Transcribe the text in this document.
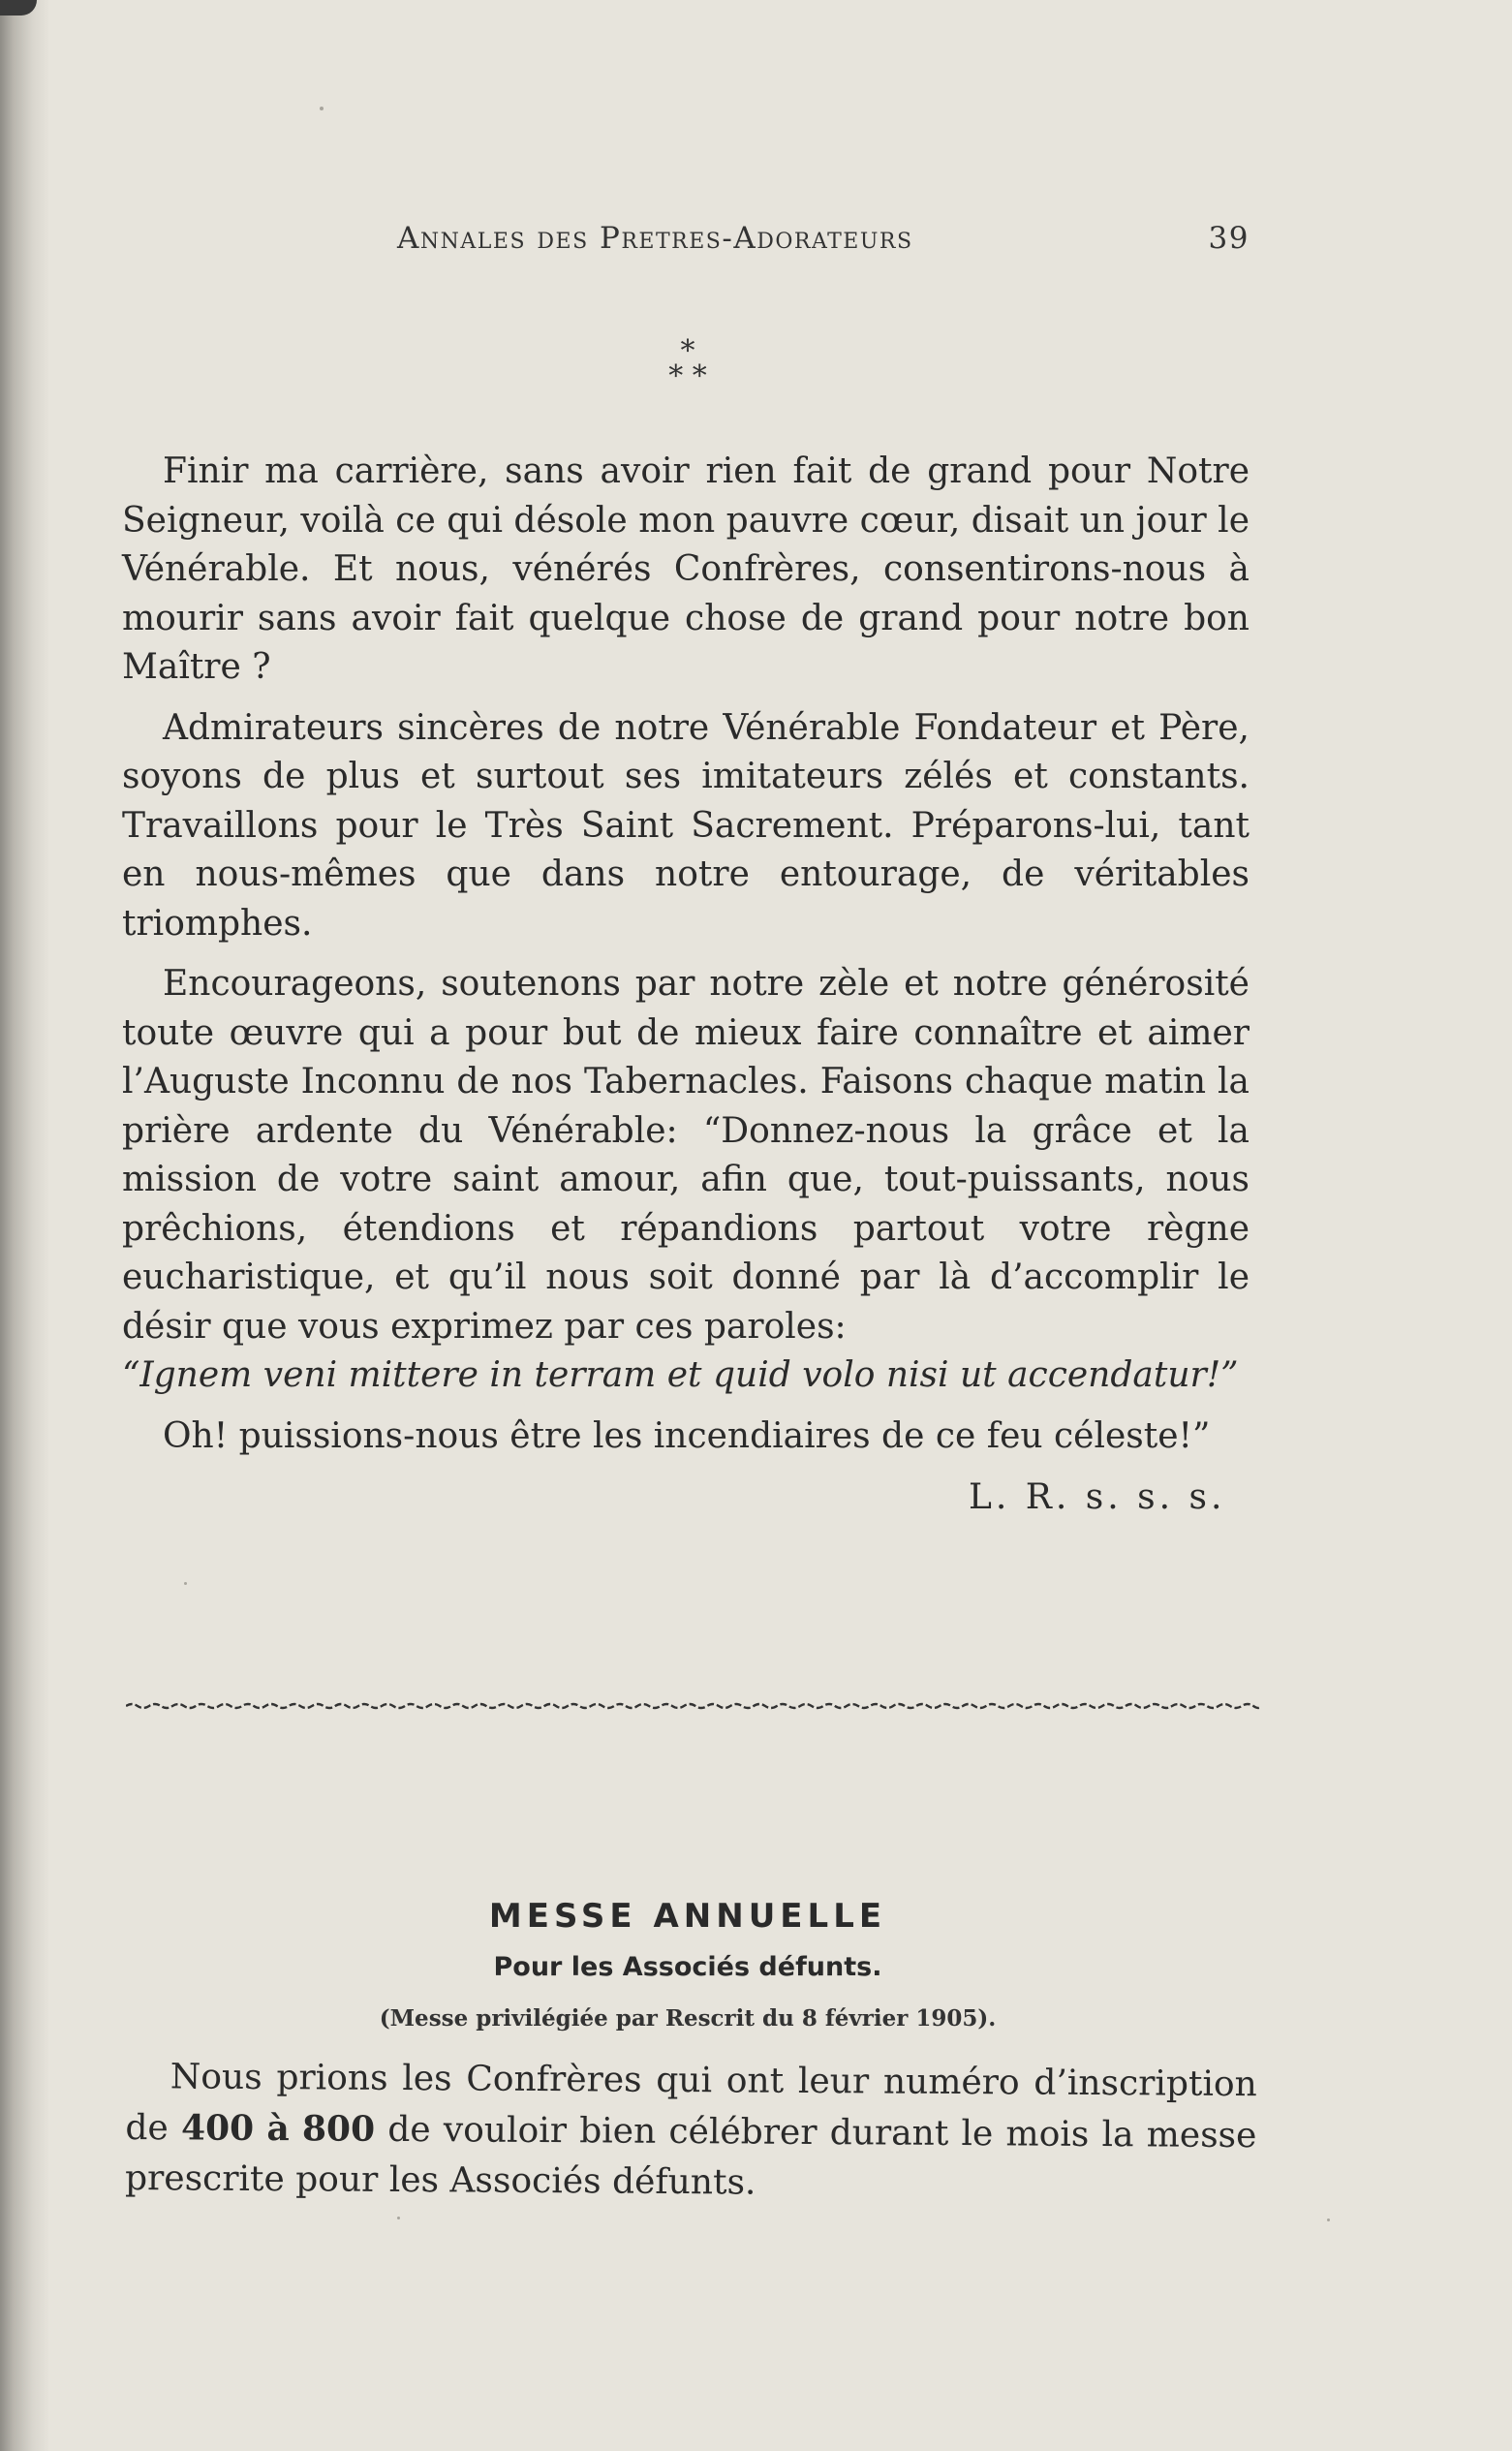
Annales des Pretres-Adorateurs	39
*
* *

Finir ma carrière, sans avoir rien fait de grand pour Notre Seigneur, voilà ce qui désole mon pauvre cœur, disait un jour le Vénérable. Et nous, vénérés Confrères, consentirons-nous à mourir sans avoir fait quelque chose de grand pour notre bon Maître ?

Admirateurs sincères de notre Vénérable Fondateur et Père, soyons de plus et surtout ses imitateurs zélés et constants. Travaillons pour le Très Saint Sacrement. Préparons-lui, tant en nous-mêmes que dans notre entourage, de véritables triomphes.

Encourageons, soutenons par notre zèle et notre générosité toute œuvre qui a pour but de mieux faire connaître et aimer l’Auguste Inconnu de nos Tabernacles. Faisons chaque matin la prière ardente du Vénérable: “Donnez-nous la grâce et la mission de votre saint amour, afin que, tout-puissants, nous prêchions, étendions et répandions partout votre règne eucharistique, et qu’il nous soit donné par là d’accomplir le désir que vous exprimez par ces paroles:
“Ignem veni mittere in terram et quid volo nisi ut accendatur!”

Oh! puissions-nous être les incendiaires de ce feu céleste!”

L. R. s. s. s.
MESSE ANNUELLE
Pour les Associés défunts.
(Messe privilégiée par Rescrit du 8 février 1905).

Nous prions les Confrères qui ont leur numéro d’inscription de 400 à 800 de vouloir bien célébrer durant le mois la messe prescrite pour les Associés défunts.
